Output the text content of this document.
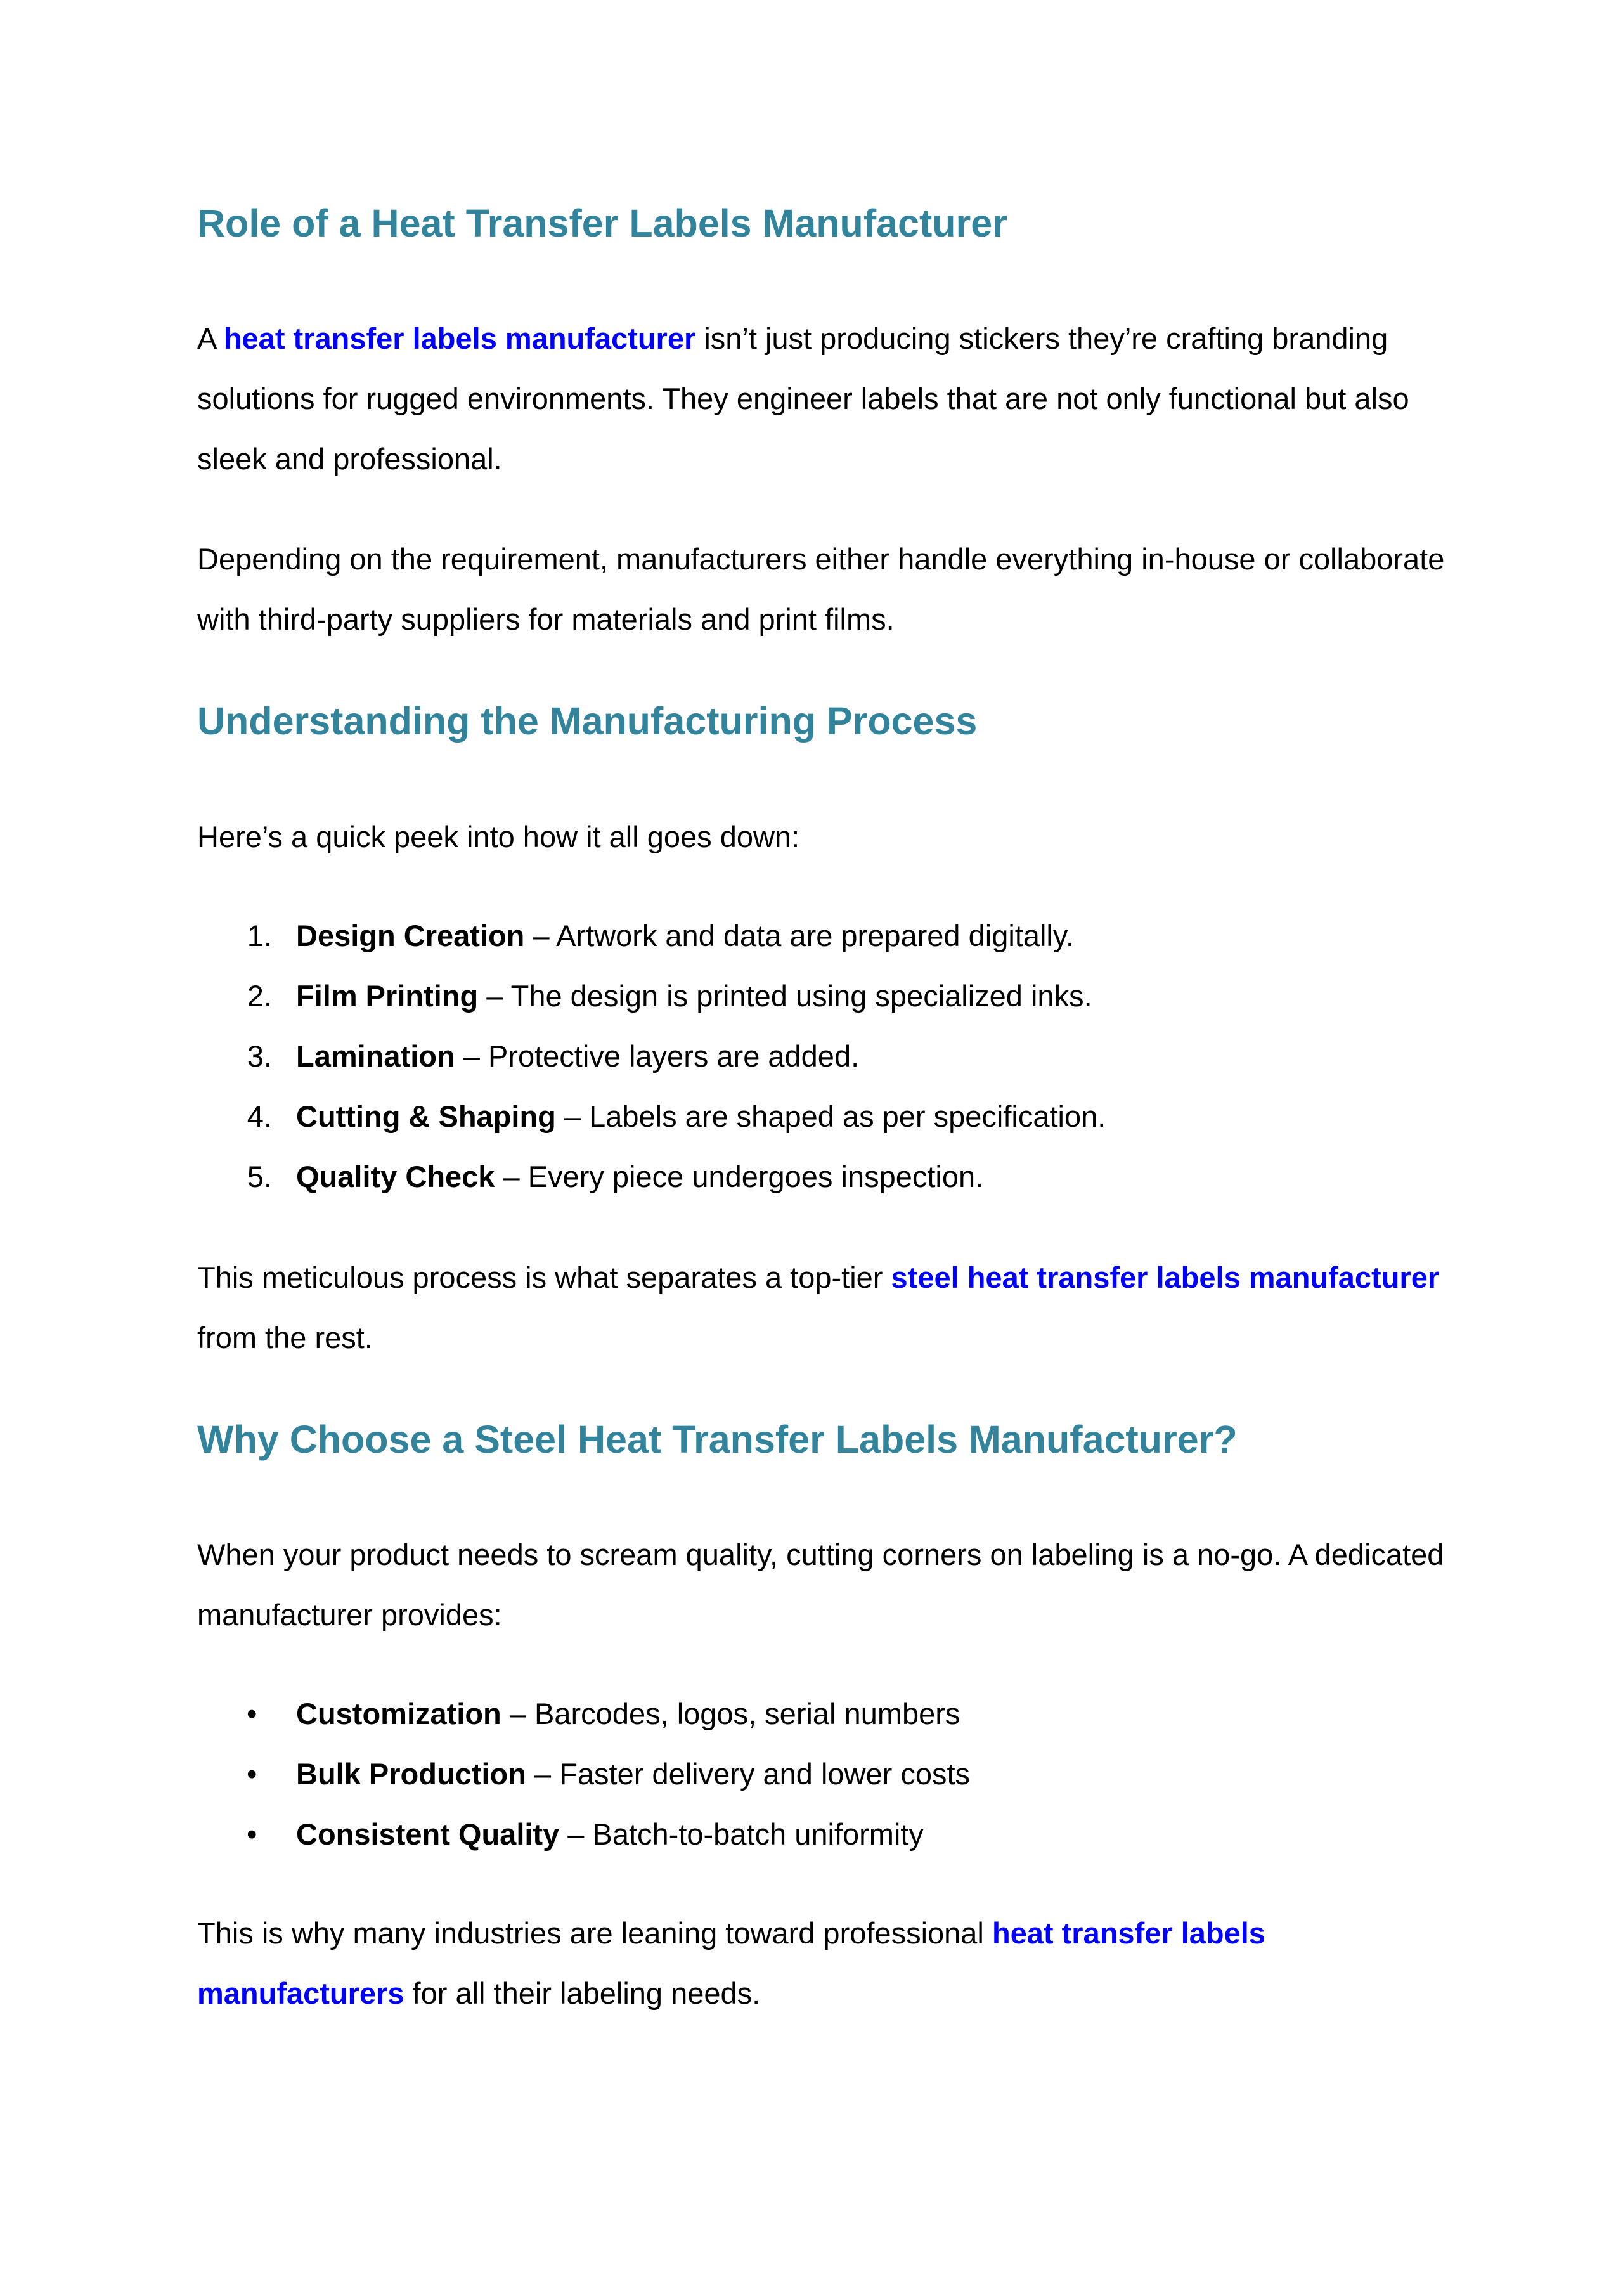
Role of a Heat Transfer Labels Manufacturer

A heat transfer labels manufacturer isn’t just producing stickers they’re crafting branding solutions for rugged environments. They engineer labels that are not only functional but also sleek and professional.

Depending on the requirement, manufacturers either handle everything in-house or collaborate with third-party suppliers for materials and print films.

Understanding the Manufacturing Process

Here’s a quick peek into how it all goes down:

1. Design Creation – Artwork and data are prepared digitally.
2. Film Printing – The design is printed using specialized inks.
3. Lamination – Protective layers are added.
4. Cutting & Shaping – Labels are shaped as per specification.
5. Quality Check – Every piece undergoes inspection.

This meticulous process is what separates a top-tier steel heat transfer labels manufacturer from the rest.

Why Choose a Steel Heat Transfer Labels Manufacturer?

When your product needs to scream quality, cutting corners on labeling is a no-go. A dedicated manufacturer provides:

• Customization – Barcodes, logos, serial numbers
• Bulk Production – Faster delivery and lower costs
• Consistent Quality – Batch-to-batch uniformity

This is why many industries are leaning toward professional heat transfer labels manufacturers for all their labeling needs.
